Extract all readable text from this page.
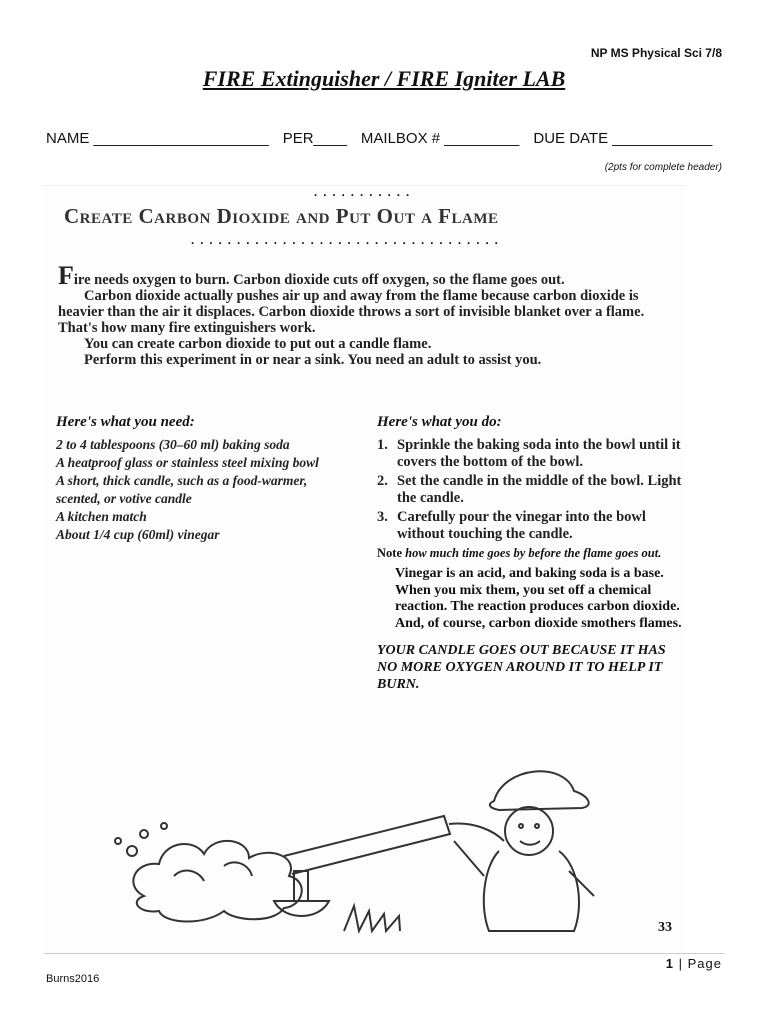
NP MS Physical Sci 7/8
FIRE Extinguisher / FIRE Igniter LAB
NAME _____________________ PER____ MAILBOX # _________ DUE DATE ____________
(2pts for complete header)
...........
Create Carbon Dioxide and Put Out a Flame
..................................

Fire needs oxygen to burn. Carbon dioxide cuts off oxygen, so the flame goes out.

Carbon dioxide actually pushes air up and away from the flame because carbon dioxide is heavier than the air it displaces. Carbon dioxide throws a sort of invisible blanket over a flame. That's how many fire extinguishers work.

You can create carbon dioxide to put out a candle flame.

Perform this experiment in or near a sink. You need an adult to assist you.

Here's what you need:
2 to 4 tablespoons (30–60 ml) baking soda
A heatproof glass or stainless steel mixing bowl
A short, thick candle, such as a food-warmer,
scented, or votive candle
A kitchen match
About 1/4 cup (60ml) vinegar
Here's what you do:
1. Sprinkle the baking soda into the bowl until it covers the bottom of the bowl.
2. Set the candle in the middle of the bowl. Light the candle.
3. Carefully pour the vinegar into the bowl without touching the candle.
Note how much time goes by before the flame goes out.
Vinegar is an acid, and baking soda is a base. When you mix them, you set off a chemical reaction. The reaction produces carbon dioxide. And, of course, carbon dioxide smothers flames.
YOUR CANDLE GOES OUT BECAUSE IT HAS NO MORE OXYGEN AROUND IT TO HELP IT BURN.
33
1 | Page
Burns2016
